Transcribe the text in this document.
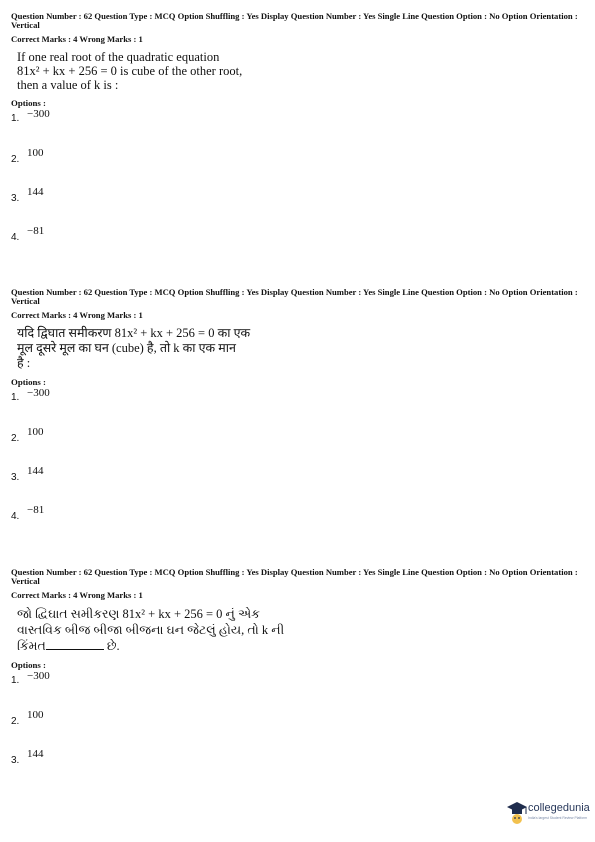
Question Number : 62 Question Type : MCQ Option Shuffling : Yes Display Question Number : Yes Single Line Question Option : No Option Orientation : Vertical
Correct Marks : 4 Wrong Marks : 1
If one real root of the quadratic equation
81x² + kx + 256 = 0 is cube of the other root,
then a value of k is :
Options :
1. −300
2.
100
3.
144
4.
−81
Question Number : 62 Question Type : MCQ Option Shuffling : Yes Display Question Number : Yes Single Line Question Option : No Option Orientation : Vertical
Correct Marks : 4 Wrong Marks : 1
यदि द्विघात समीकरण 81x² + kx + 256 = 0 का एक
मूल दूसरे मूल का घन (cube) है, तो k का एक मान
है :
Options :
1. −300
2.
100
3.
144
4.
−81
Question Number : 62 Question Type : MCQ Option Shuffling : Yes Display Question Number : Yes Single Line Question Option : No Option Orientation : Vertical
Correct Marks : 4 Wrong Marks : 1
જો દ્વિઘાત સમીકરણ 81x² + kx + 256 = 0 નું એક
વાસ્તવિક બીજ બીજા બીજના ઘન જેટલું હોય, તો k ની
કિંમત	છે.
Options :
1. −300
2.
100
3.
144
collegedunia
India's largest Student Review Platform
